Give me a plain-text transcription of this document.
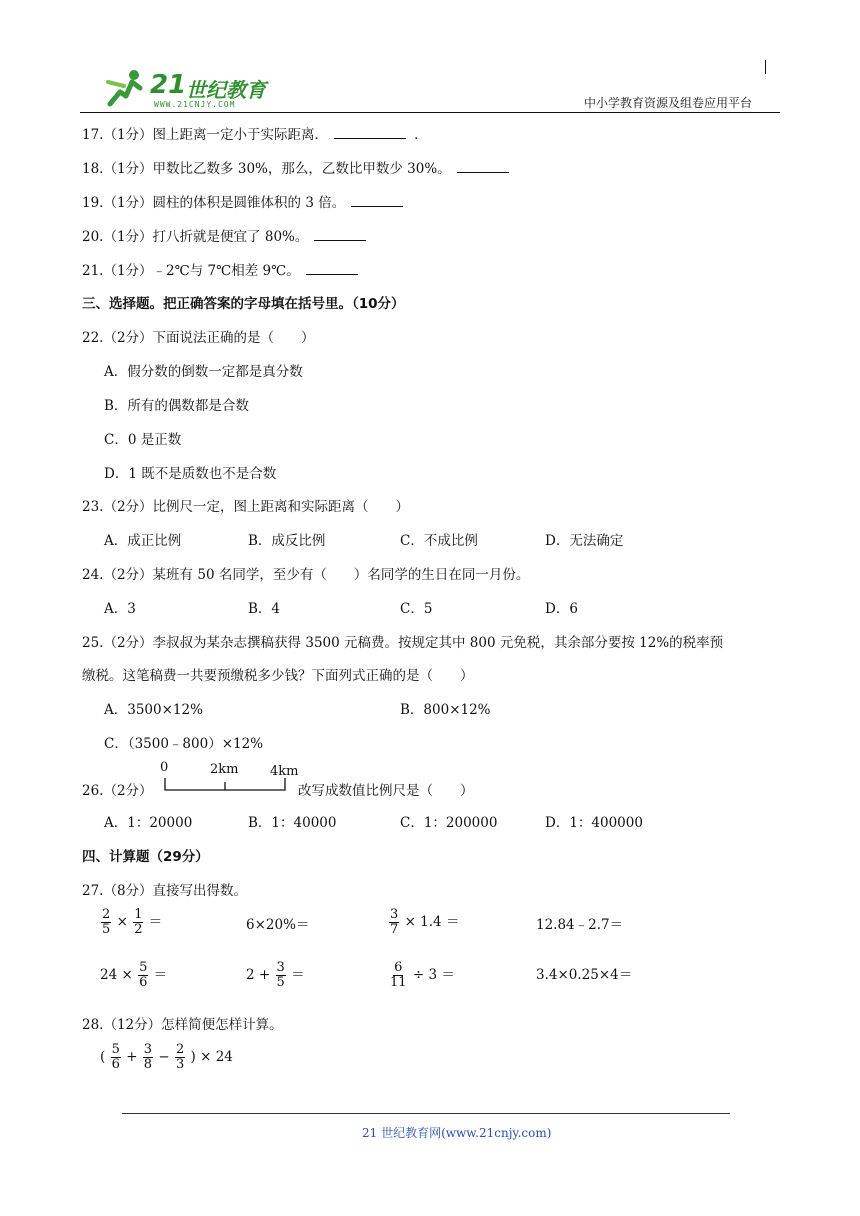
21 世纪教育
WWW.21CNJY.COM	中小学教育资源及组卷应用平台
17.（1分）图上距离一定小于实际距离．	．
18.（1分）甲数比乙数多 30%，那么，乙数比甲数少 30%。
19.（1分）圆柱的体积是圆锥体积的 3 倍。
20.（1分）打八折就是便宜了 80%。
21.（1分）﹣2℃与 7℃相差 9℃。
三、选择题。把正确答案的字母填在括号里。（10分）
22.（2分）下面说法正确的是（　　）
A．假分数的倒数一定都是真分数
B．所有的偶数都是合数
C．0 是正数
D．1 既不是质数也不是合数
23.（2分）比例尺一定，图上距离和实际距离（　　）
A．成正比例	B．成反比例	C．不成比例	D．无法确定
24.（2分）某班有 50 名同学，至少有（　　）名同学的生日在同一月份。
A．3	B．4	C．5	D．6
25.（2分）李叔叔为某杂志撰稿获得 3500 元稿费。按规定其中 800 元免税，其余部分要按 12%的税率预
缴税。这笔稿费一共要预缴税多少钱？下面列式正确的是（　　）
A．3500×12%	B．800×12%
C．（3500﹣800）×12%
26.（2分）
0	2km 4km
改写成数值比例尺是（　　）
A．1：20000	B．1：40000	C．1：200000	D．1：400000
四、计算题（29分）
27.（8分）直接写出得数。
$\frac{2}{5} \times \frac{1}{2}$ ＝	6×20%＝	$\frac{3}{7} \times 1.4$ ＝	12.84﹣2.7＝
$24 \times \frac{5}{6}$ ＝	$2 + \frac{3}{5}$ ＝	$\frac{6}{11} \div 3$ ＝	3.4×0.25×4＝
28.（12分）怎样简便怎样计算。
( $\frac{5}{6} + \frac{3}{8} - \frac{2}{3}$ ) × 24
21 世纪教育网(www.21cnjy.com)
